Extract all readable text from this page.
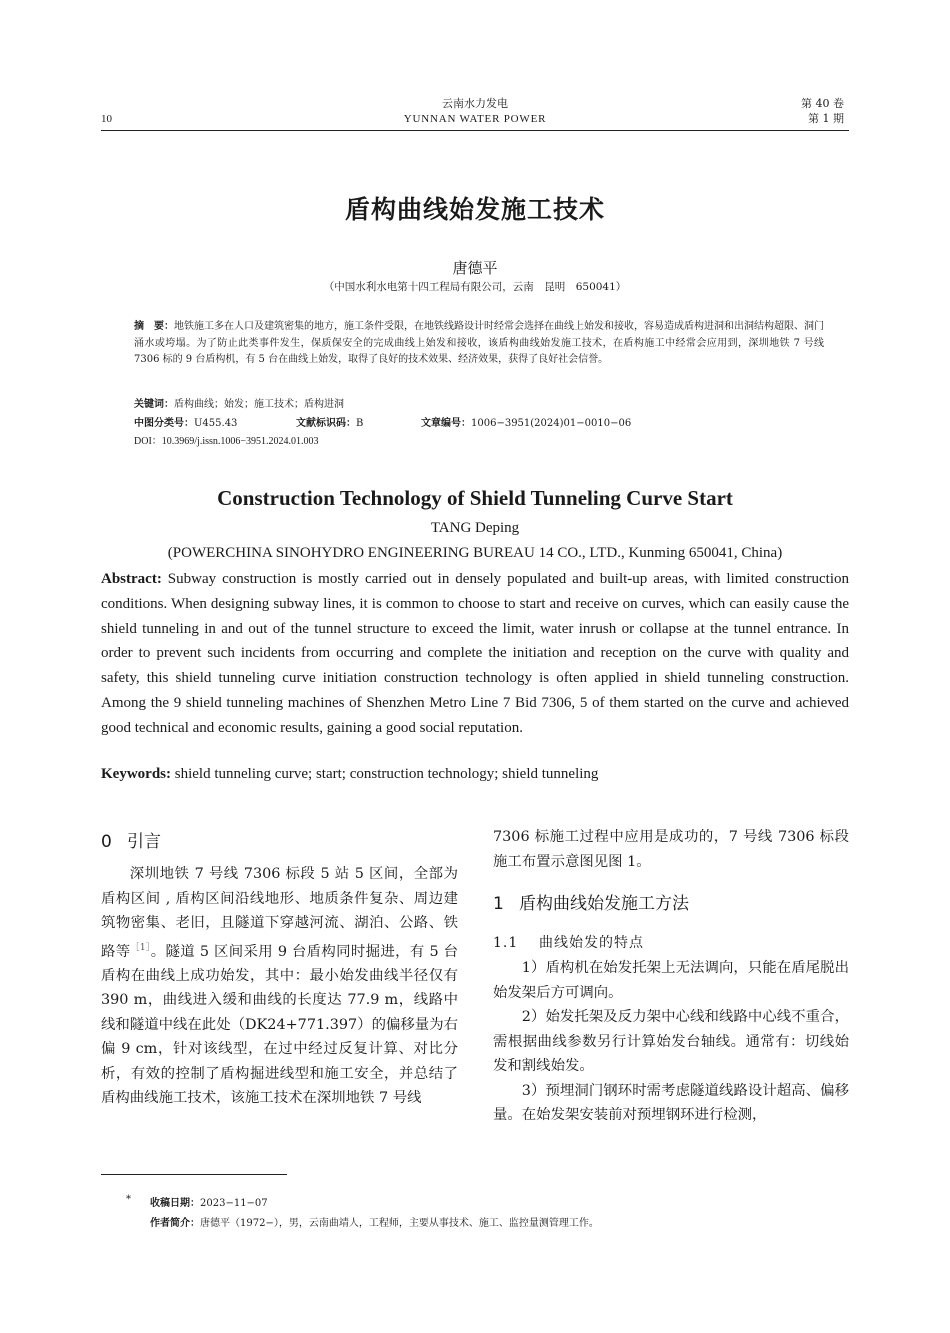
10
云南水力发电
YUNNAN WATER POWER
第 40 卷
第 1 期
盾构曲线始发施工技术
唐德平
（中国水利水电第十四工程局有限公司，云南　昆明　650041）
摘　要：地铁施工多在人口及建筑密集的地方，施工条件受限，在地铁线路设计时经常会选择在曲线上始发和接收，容易造成盾构进洞和出洞结构超限、洞门涌水或垮塌。为了防止此类事件发生，保质保安全的完成曲线上始发和接收，该盾构曲线始发施工技术，在盾构施工中经常会应用到，深圳地铁 7 号线 7306 标的 9 台盾构机，有 5 台在曲线上始发，取得了良好的技术效果、经济效果，获得了良好社会信誉。
关键词：盾构曲线；始发；施工技术；盾构进洞
中图分类号：U455.43	文献标识码：B	文章编号：1006−3951(2024)01−0010−06
DOI：10.3969/j.issn.1006−3951.2024.01.003
Construction Technology of Shield Tunneling Curve Start
TANG Deping
(POWERCHINA SINOHYDRO ENGINEERING BUREAU 14 CO., LTD., Kunming 650041, China)
Abstract: Subway construction is mostly carried out in densely populated and built-up areas, with limited construction conditions. When designing subway lines, it is common to choose to start and receive on curves, which can easily cause the shield tunneling in and out of the tunnel structure to exceed the limit, water inrush or collapse at the tunnel entrance. In order to prevent such incidents from occurring and complete the initiation and reception on the curve with quality and safety, this shield tunneling curve initiation construction technology is often applied in shield tunneling construction. Among the 9 shield tunneling machines of Shenzhen Metro Line 7 Bid 7306, 5 of them started on the curve and achieved good technical and economic results, gaining a good social reputation.
Keywords: shield tunneling curve; start; construction technology; shield tunneling
0 引言

深圳地铁 7 号线 7306 标段 5 站 5 区间，全部为盾构区间 , 盾构区间沿线地形、地质条件复杂、周边建筑物密集、老旧，且隧道下穿越河流、湖泊、公路、铁路等$^{[1]}$。隧道 5 区间采用 9 台盾构同时掘进，有 5 台盾构在曲线上成功始发，其中：最小始发曲线半径仅有 390 m，曲线进入缓和曲线的长度达 77.9 m，线路中线和隧道中线在此处（DK24+771.397）的偏移量为右偏 9 cm，针对该线型，在过中经过反复计算、对比分析，有效的控制了盾构掘进线型和施工安全，并总结了盾构曲线施工技术，该施工技术在深圳地铁 7 号线

7306 标施工过程中应用是成功的，7 号线 7306 标段施工布置示意图见图 1。

1 盾构曲线始发施工方法
1.1 曲线始发的特点

1）盾构机在始发托架上无法调向，只能在盾尾脱出始发架后方可调向。

2）始发托架及反力架中心线和线路中心线不重合，需根据曲线参数另行计算始发台轴线。通常有：切线始发和割线始发。

3）预埋洞门钢环时需考虑隧道线路设计超高、偏移量。在始发架安装前对预埋钢环进行检测，

* 收稿日期：2023−11−07
作者简介：唐德平（1972−），男，云南曲靖人，工程师，主要从事技术、施工、监控量测管理工作。
